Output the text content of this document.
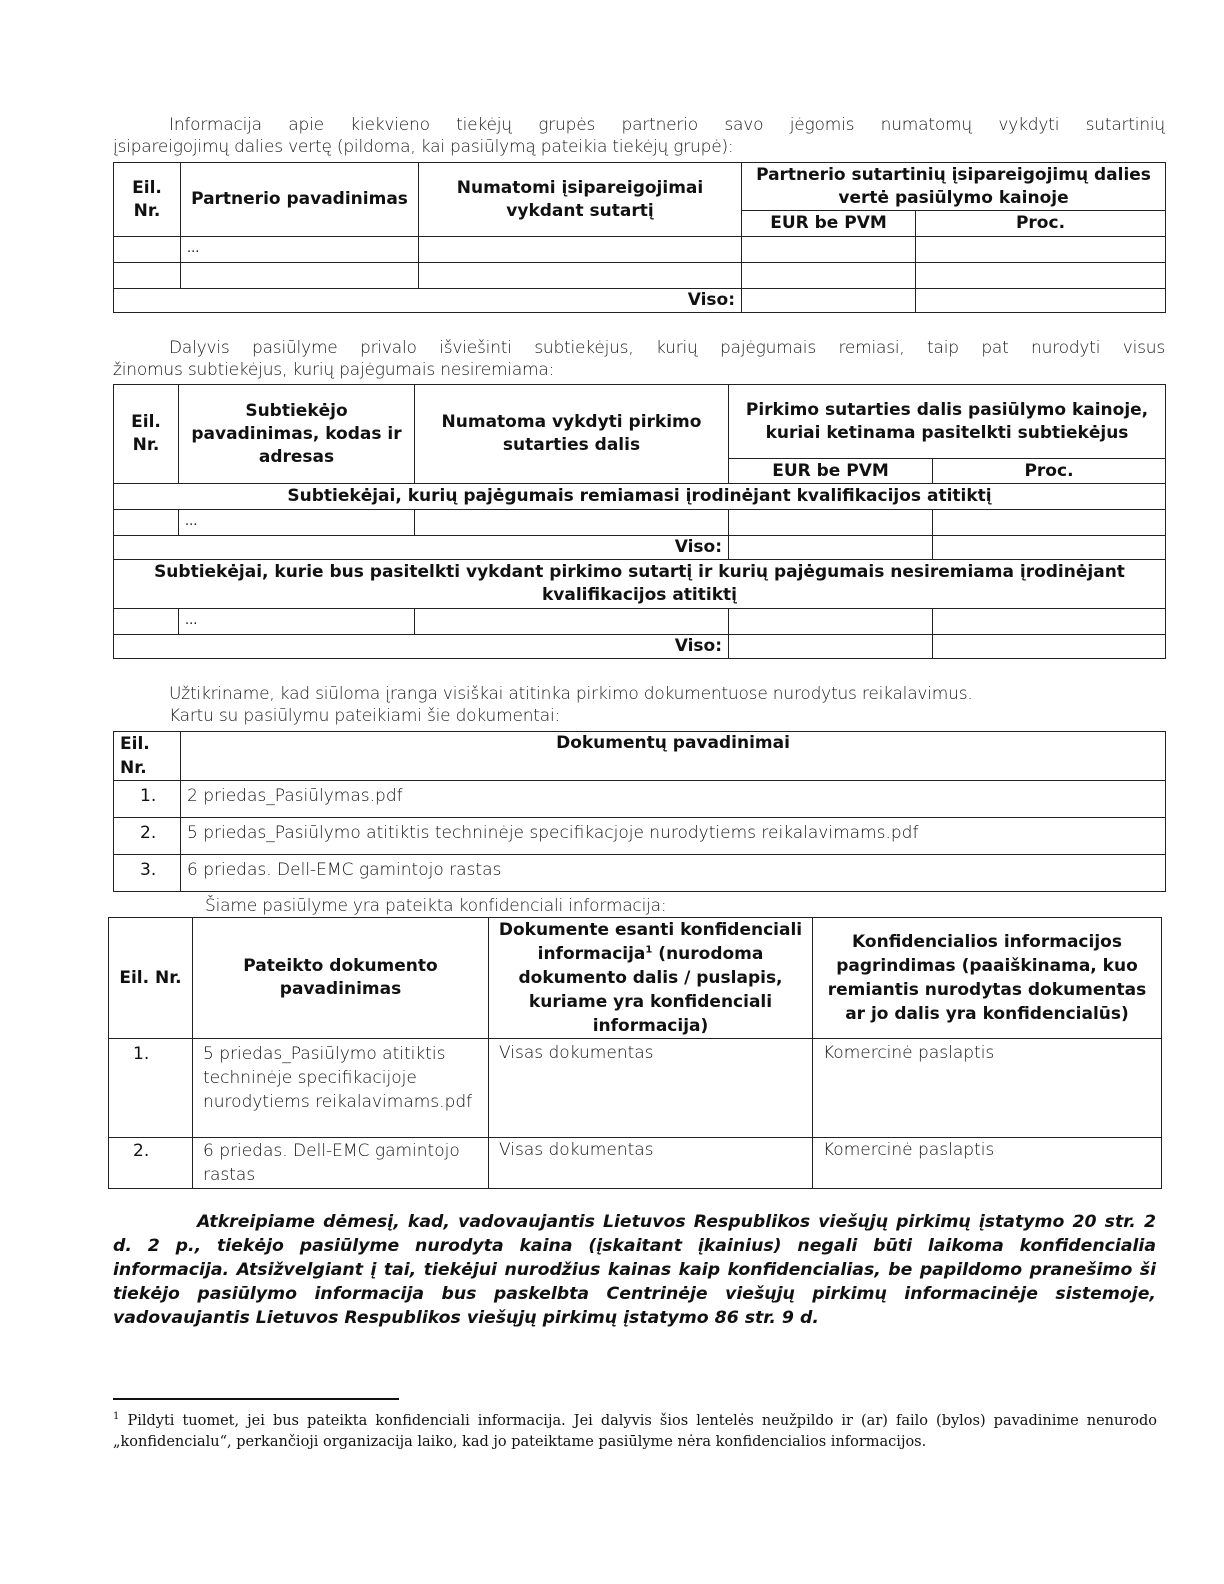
Informacija apie kiekvieno tiekėjų grupės partnerio savo jėgomis numatomų vykdyti sutartinių
įsipareigojimų dalies vertę (pildoma, kai pasiūlymą pateikia tiekėjų grupė):
Eil. Nr.	Partnerio pavadinimas	Numatomi įsipareigojimai vykdant sutartį	Partnerio sutartinių įsipareigojimų dalies vertė pasiūlymo kainoje	
			EUR be PVM	Proc.
	...			

Viso:				
Dalyvis pasiūlyme privalo išviešinti subtiekėjus, kurių pajėgumais remiasi, taip pat nurodyti visus
žinomus subtiekėjus, kurių pajėgumais nesiremiama:
Eil. Nr.	Subtiekėjo pavadinimas, kodas ir adresas	Numatoma vykdyti pirkimo sutarties dalis	Pirkimo sutarties dalis pasiūlymo kainoje, kuriai ketinama pasitelkti subtiekėjus	
			EUR be PVM	Proc.
Subtiekėjai, kurių pajėgumais remiamasi įrodinėjant kvalifikacijos atitiktį				
	...			
Viso:				
Subtiekėjai, kurie bus pasitelkti vykdant pirkimo sutartį ir kurių pajėgumais nesiremiama įrodinėjant kvalifikacijos atitiktį				
	...			
Viso:				
Užtikriname, kad siūloma įranga visiškai atitinka pirkimo dokumentuose nurodytus reikalavimus.
Kartu su pasiūlymu pateikiami šie dokumentai:
Eil. Nr.	Dokumentų pavadinimai
1.	2 priedas_Pasiūlymas.pdf
2.	5 priedas_Pasiūlymo atitiktis techninėje specifikacjoje nurodytiems reikalavimams.pdf
3.	6 priedas. Dell-EMC gamintojo rastas
Šiame pasiūlyme yra pateikta konfidenciali informacija:
Eil. Nr.	Pateikto dokumento pavadinimas	Dokumente esanti konfidenciali informacija$^1$ (nurodoma dokumento dalis / puslapis, kuriame yra konfidenciali informacija)	Konfidencialios informacijos pagrindimas (paaiškinama, kuo remiantis nurodytas dokumentas ar jo dalis yra konfidencialūs)
1.	5 priedas_Pasiūlymo atitiktis techninėje specifikacijoje nurodytiems reikalavimams.pdf	Visas dokumentas	Komercinė paslaptis
2.	6 priedas. Dell-EMC gamintojo rastas	Visas dokumentas	Komercinė paslaptis
Atkreipiame dėmesį, kad, vadovaujantis Lietuvos Respublikos viešųjų pirkimų įstatymo 20 str. 2 d. 2 p., tiekėjo pasiūlyme nurodyta kaina (įskaitant įkainius) negali būti laikoma konfidencialia informacija. Atsižvelgiant į tai, tiekėjui nurodžius kainas kaip konfidencialias, be papildomo pranešimo ši tiekėjo pasiūlymo informacija bus paskelbta Centrinėje viešųjų pirkimų informacinėje sistemoje, vadovaujantis Lietuvos Respublikos viešųjų pirkimų įstatymo 86 str. 9 d.
$^1$ Pildyti tuomet, jei bus pateikta konfidenciali informacija. Jei dalyvis šios lentelės neužpildo ir (ar) failo (bylos) pavadinime nenurodo „konfidencialu“, perkančioji organizacija laiko, kad jo pateiktame pasiūlyme nėra konfidencialios informacijos.
